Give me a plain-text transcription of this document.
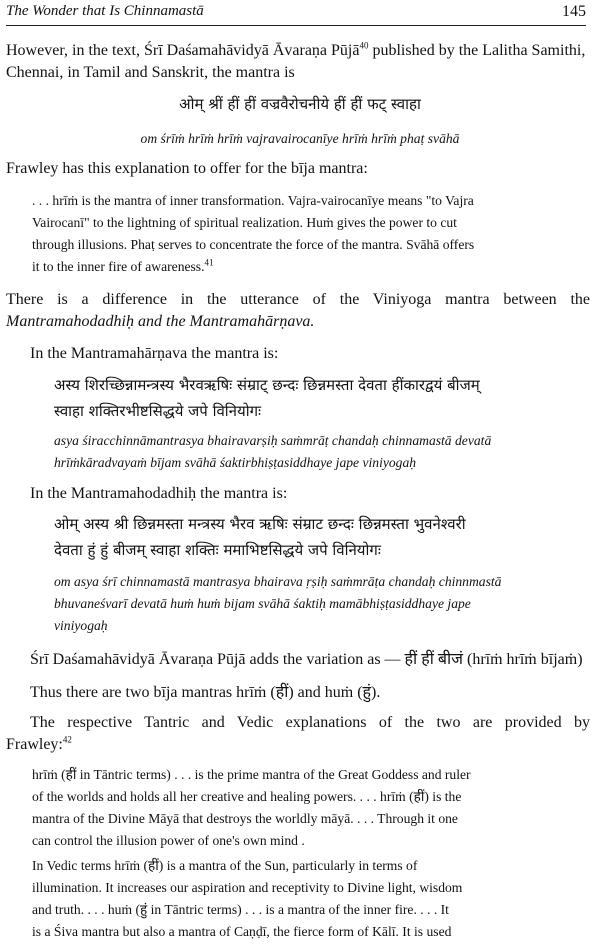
The Wonder that Is Chinnamastā	145
However, in the text, Śrī Daśamahāvidyā Āvaraṇa Pūjā$^{40}$ published by the Lalitha Samithi,
Chennai, in Tamil and Sanskrit, the mantra is
ओम् श्रीं हीं हीं वज्रवैरोचनीये हीं हीं फट् स्वाहा
om śrīṁ hrīṁ hrīṁ vajravairocanīye hrīṁ hrīṁ phaṭ svāhā
Frawley has this explanation to offer for the bīja mantra:
. . . hrīṁ is the mantra of inner transformation. Vajra-vairocanīye means "to Vajra
Vairocanī" to the lightning of spiritual realization. Huṁ gives the power to cut
through illusions. Phaṭ serves to concentrate the force of the mantra. Svāhā offers
it to the inner fire of awareness.$^{41}$
There is a difference in the utterance of the Viniyoga mantra between the
Mantramahodadhiḥ and the Mantramahārṇava.
In the Mantramahārṇava the mantra is:
अस्य शिरच्छिन्नामन्त्रस्य भैरवऋषिः संम्राट् छन्दः छिन्नमस्ता देवता हींकारद्वयं बीजम्
स्वाहा शक्तिरभीष्टसिद्धये जपे विनियोगः
asya śiracchinnāmantrasya bhairavarṣiḥ saṁmrāṭ chandaḥ chinnamastā devatā
hrīṁkāradvayaṁ bījam svāhā śaktirbhiṣṭasiddhaye jape viniyogaḥ
In the Mantramahodadhiḥ the mantra is:
ओम् अस्य श्री छिन्नमस्ता मन्त्रस्य भैरव ऋषिः संम्राट छन्दः छिन्नमस्ता भुवनेश्वरी
देवता हुं हुं बीजम् स्वाहा शक्तिः ममाभिष्टसिद्धये जपे विनियोगः
om asya śrī chinnamastā mantrasya bhairava ṛṣiḥ saṁmrāṭa chandaḥ chinnmastā
bhuvaneśvarī devatā huṁ huṁ bijam svāhā śaktiḥ mamābhiṣṭasiddhaye jape
viniyogaḥ
Śrī Daśamahāvidyā Āvaraṇa Pūjā adds the variation as — हीं हीं बीजं (hrīṁ hrīṁ bījaṁ)
Thus there are two bīja mantras hrīṁ (हीं) and huṁ (हुं).
The respective Tantric and Vedic explanations of the two are provided by
Frawley:$^{42}$
hrīṁ (हीं in Tāntric terms) . . . is the prime mantra of the Great Goddess and ruler
of the worlds and holds all her creative and healing powers. . . . hrīṁ (हीं) is the
mantra of the Divine Māyā that destroys the worldly māyā. . . . Through it one
can control the illusion power of one's own mind .
In Vedic terms hrīṁ (हीं) is a mantra of the Sun, particularly in terms of
illumination. It increases our aspiration and receptivity to Divine light, wisdom
and truth. . . . huṁ (हुं in Tāntric terms) . . . is a mantra of the inner fire. . . . It
is a Śiva mantra but also a mantra of Caṇḍī, the fierce form of Kālī. It is used
